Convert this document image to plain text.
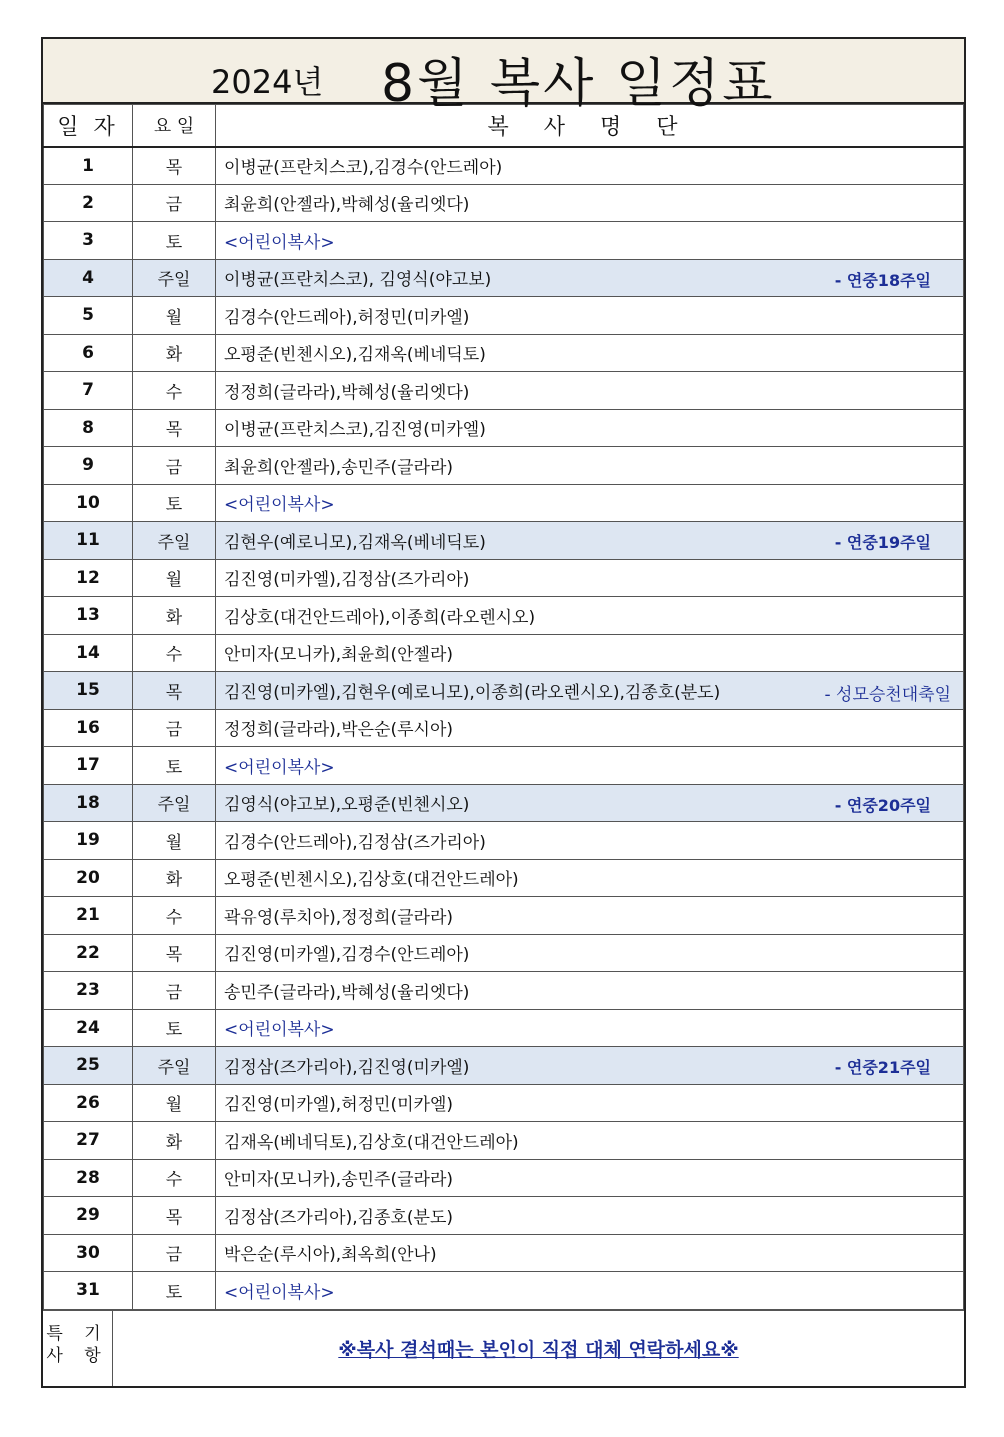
2024년 8월 복사 일정표
일 자	요 일	복 사 명 단
1	목	이병균(프란치스코),김경수(안드레아)
2	금	최윤희(안젤라),박혜성(율리엣다)
3	토	<어린이복사>
4	주일	이병균(프란치스코), 김영식(야고보) - 연중18주일

5	월	김경수(안드레아),허정민(미카엘)
6	화	오평준(빈첸시오),김재옥(베네딕토)
7	수	정정희(글라라),박혜성(율리엣다)
8	목	이병균(프란치스코),김진영(미카엘)
9	금	최윤희(안젤라),송민주(글라라)
10	토	<어린이복사>
11	주일	김현우(예로니모),김재옥(베네딕토) - 연중19주일

12	월	김진영(미카엘),김정삼(즈가리아)
13	화	김상호(대건안드레아),이종희(라오렌시오)
14	수	안미자(모니카),최윤희(안젤라)
15	목	김진영(미카엘),김현우(예로니모),이종희(라오렌시오),김종호(분도) - 성모승천대축일

16	금	정정희(글라라),박은순(루시아)
17	토	<어린이복사>
18	주일	김영식(야고보),오평준(빈첸시오) - 연중20주일

19	월	김경수(안드레아),김정삼(즈가리아)
20	화	오평준(빈첸시오),김상호(대건안드레아)
21	수	곽유영(루치아),정정희(글라라)
22	목	김진영(미카엘),김경수(안드레아)
23	금	송민주(글라라),박혜성(율리엣다)
24	토	<어린이복사>
25	주일	김정삼(즈가리아),김진영(미카엘) - 연중21주일

26	월	김진영(미카엘),허정민(미카엘)
27	화	김재옥(베네딕토),김상호(대건안드레아)
28	수	안미자(모니카),송민주(글라라)
29	목	김정삼(즈가리아),김종호(분도)
30	금	박은순(루시아),최옥희(안나)
31	토	<어린이복사>
특 기
사 항	※복사 결석때는 본인이 직접 대체 연락하세요※
